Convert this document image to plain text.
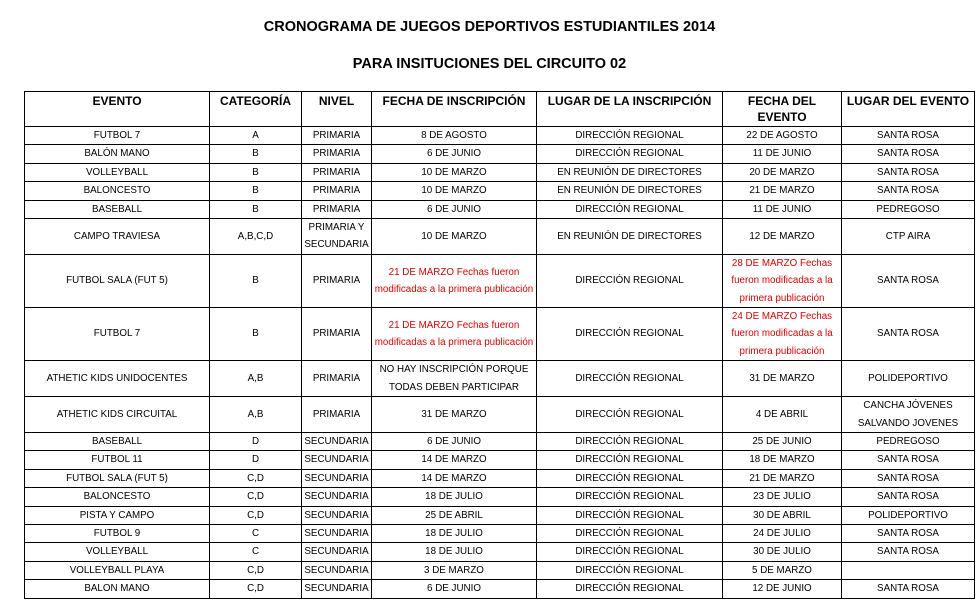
CRONOGRAMA DE JUEGOS DEPORTIVOS ESTUDIANTILES 2014
PARA INSITUCIONES DEL CIRCUITO 02
EVENTO	CATEGORÍA	NIVEL	FECHA DE INSCRIPCIÓN	LUGAR DE LA INSCRIPCIÓN	FECHA DEL EVENTO	LUGAR DEL EVENTO
FUTBOL 7	A	PRIMARIA	8 DE AGOSTO	DIRECCIÓN REGIONAL	22 DE AGOSTO	SANTA ROSA
BALÓN MANO	B	PRIMARIA	6 DE JUNIO	DIRECCIÓN REGIONAL	11 DE JUNIO	SANTA ROSA
VOLLEYBALL	B	PRIMARIA	10 DE MARZO	EN REUNIÓN DE DIRECTORES	20 DE MARZO	SANTA ROSA
BALONCESTO	B	PRIMARIA	10 DE MARZO	EN REUNIÓN DE DIRECTORES	21 DE MARZO	SANTA ROSA
BASEBALL	B	PRIMARIA	6 DE JUNIO	DIRECCIÓN REGIONAL	11 DE JUNIO	PEDREGOSO
CAMPO TRAVIESA	A,B,C,D	PRIMARIA Y SECUNDARIA	10 DE MARZO	EN REUNIÓN DE DIRECTORES	12 DE MARZO	CTP AIRA
FUTBOL SALA (FUT 5)	B	PRIMARIA	21 DE MARZO Fechas fueron modificadas a la primera publicación	DIRECCIÓN REGIONAL	28 DE MARZO Fechas fueron modificadas a la primera publicación	SANTA ROSA
FUTBOL 7	B	PRIMARIA	21 DE MARZO Fechas fueron modificadas a la primera publicación	DIRECCIÓN REGIONAL	24 DE MARZO Fechas fueron modificadas a la primera publicación	SANTA ROSA
ATHETIC KIDS UNIDOCENTES	A,B	PRIMARIA	NO HAY INSCRIPCIÓN PORQUE TODAS DEBEN PARTICIPAR	DIRECCIÓN REGIONAL	31 DE MARZO	POLIDEPORTIVO
ATHETIC KIDS CIRCUITAL	A,B	PRIMARIA	31 DE MARZO	DIRECCIÓN REGIONAL	4 DE ABRIL	CANCHA JÓVENES SALVANDO JOVENES
BASEBALL	D	SECUNDARIA	6 DE JUNIO	DIRECCIÓN REGIONAL	25 DE JUNIO	PEDREGOSO
FUTBOL 11	D	SECUNDARIA	14 DE MARZO	DIRECCIÓN REGIONAL	18 DE MARZO	SANTA ROSA
FUTBOL SALA (FUT 5)	C,D	SECUNDARIA	14 DE MARZO	DIRECCIÓN REGIONAL	21 DE MARZO	SANTA ROSA
BALONCESTO	C,D	SECUNDARIA	18 DE JULIO	DIRECCIÓN REGIONAL	23 DE JULIO	SANTA ROSA
PISTA Y CAMPO	C,D	SECUNDARIA	25 DE ABRIL	DIRECCIÓN REGIONAL	30 DE ABRIL	POLIDEPORTIVO
FUTBOL 9	C	SECUNDARIA	18 DE JULIO	DIRECCIÓN REGIONAL	24 DE JULIO	SANTA ROSA
VOLLEYBALL	C	SECUNDARIA	18 DE JULIO	DIRECCIÓN REGIONAL	30 DE JULIO	SANTA ROSA
VOLLEYBALL PLAYA	C,D	SECUNDARIA	3 DE MARZO	DIRECCIÓN REGIONAL	5 DE MARZO	
BALON MANO	C,D	SECUNDARIA	6 DE JUNIO	DIRECCIÓN REGIONAL	12 DE JUNIO	SANTA ROSA
